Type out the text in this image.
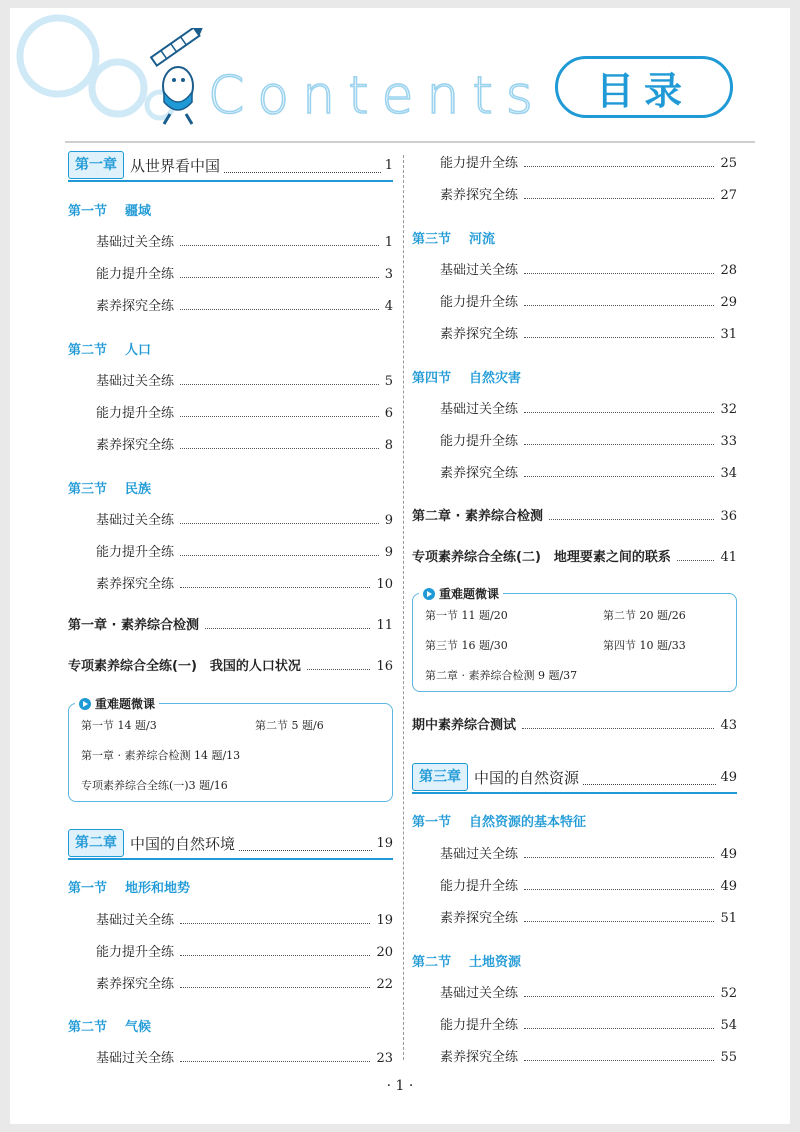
Contents 目录
第一章 从世界看中国	1
第一节 疆域
基础过关全练	1
能力提升全练	3
素养探究全练	4
第二节 人口
基础过关全练	5
能力提升全练	6
素养探究全练	8
第三节 民族
基础过关全练	9
能力提升全练	9
素养探究全练	10
第一章 · 素养综合检测	11
专项素养综合全练(一)　我国的人口状况	16
重难题微课
第一节 14 题/3	第二节 5 题/6
第一章 · 素养综合检测 14 题/13
专项素养综合全练(一)3 题/16
第二章 中国的自然环境	19
第一节 地形和地势
基础过关全练	19
能力提升全练	20
素养探究全练	22
第二节 气候
基础过关全练	23
能力提升全练	25
素养探究全练	27
第三节 河流
基础过关全练	28
能力提升全练	29
素养探究全练	31
第四节 自然灾害
基础过关全练	32
能力提升全练	33
素养探究全练	34
第二章 · 素养综合检测	36
专项素养综合全练(二)　地理要素之间的联系	41
重难题微课
第一节 11 题/20	第二节 20 题/26
第三节 16 题/30	第四节 10 题/33
第二章 · 素养综合检测 9 题/37
期中素养综合测试	43
第三章 中国的自然资源	49
第一节 自然资源的基本特征
基础过关全练	49
能力提升全练	49
素养探究全练	51
第二节 土地资源
基础过关全练	52
能力提升全练	54
素养探究全练	55
· 1 ·
